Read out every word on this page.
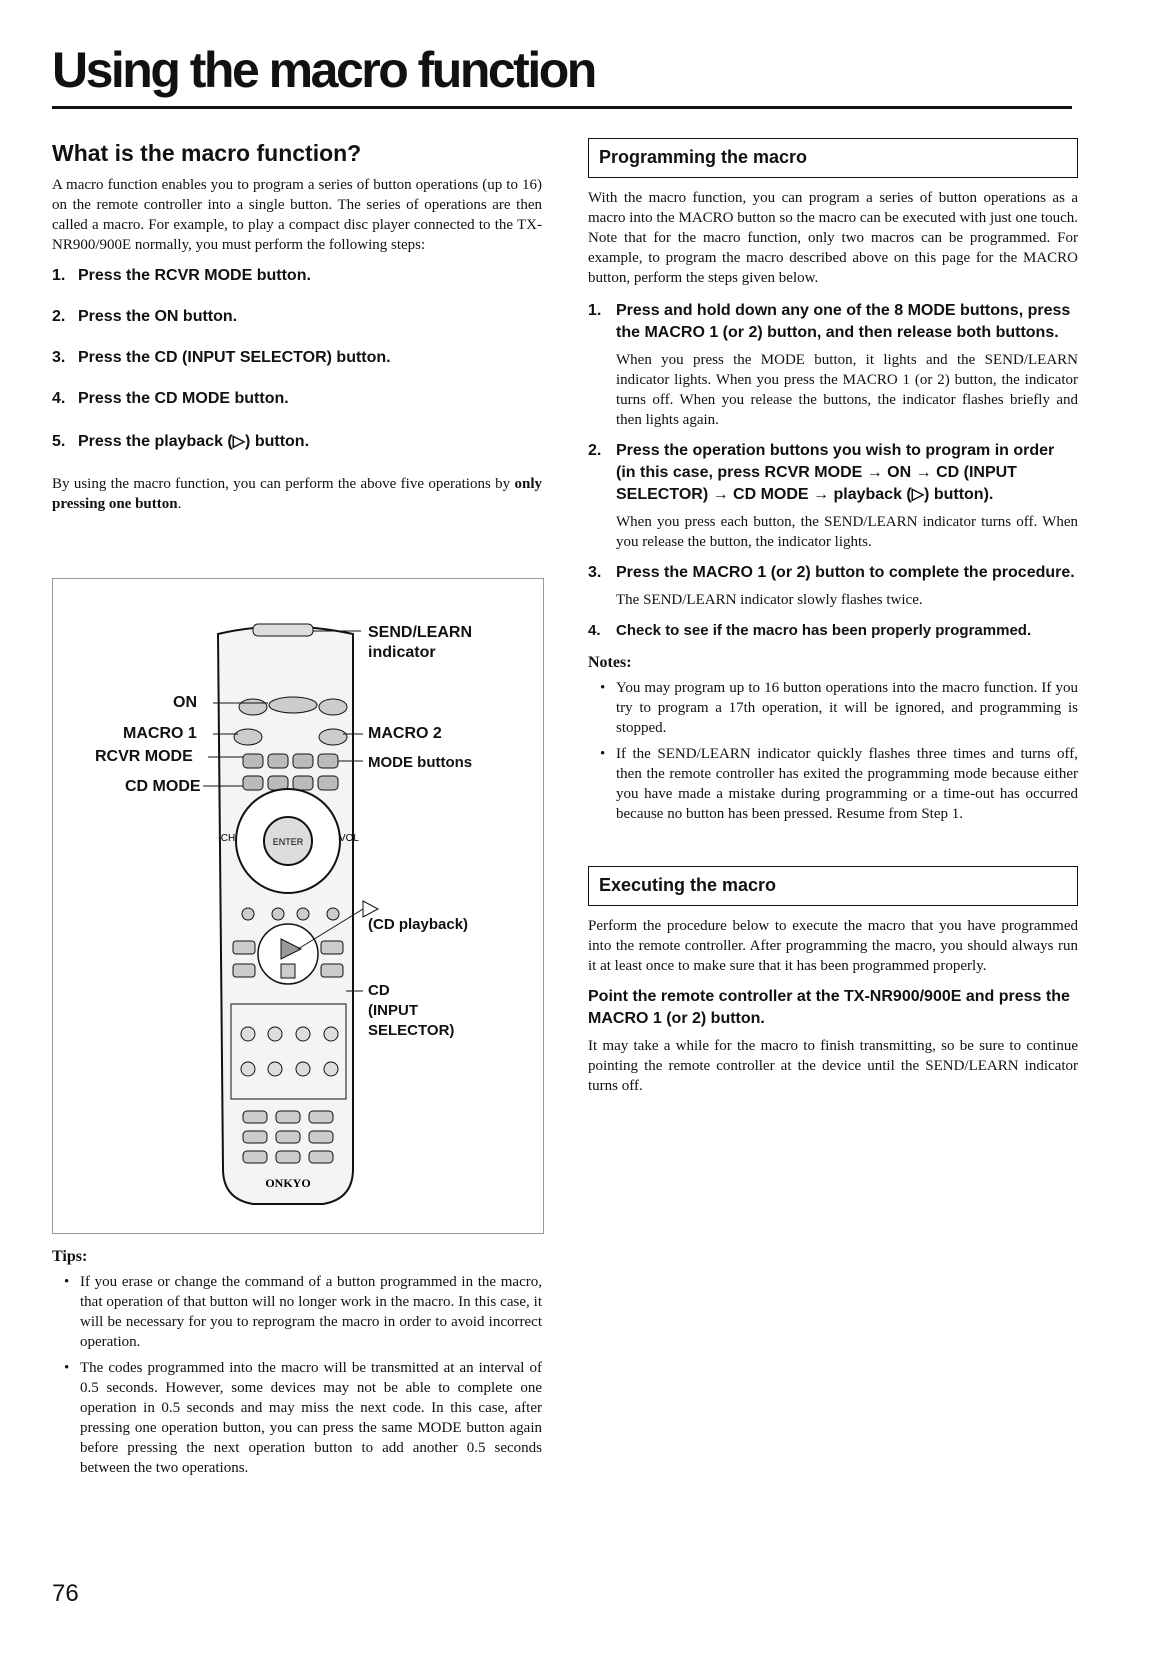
Using the macro function
What is the macro function?

A macro function enables you to program a series of button operations (up to 16) on the remote controller into a single button. The series of operations are then called a macro. For example, to play a compact disc player connected to the TX-NR900/900E normally, you must perform the following steps:

1. Press the RCVR MODE button.
2. Press the ON button.
3. Press the CD (INPUT SELECTOR) button.
4. Press the CD MODE button.
5. Press the playback (▷) button.

By using the macro function, you can perform the above five operations by only pressing one button.

ENTER
CH	VOL
ONKYO
SEND/LEARN
indicator
ON
MACRO 1
RCVR MODE
CD MODE
MACRO 2
MODE buttons
(CD playback)
CD
(INPUT
SELECTOR)
Tips:
• If you erase or change the command of a button programmed in the macro, that operation of that button will no longer work in the macro. In this case, it will be necessary for you to reprogram the macro in order to avoid incorrect operation.
• The codes programmed into the macro will be transmitted at an interval of 0.5 seconds. However, some devices may not be able to complete one operation in 0.5 seconds and may miss the next code. In this case, after pressing one operation button, you can press the same MODE button again before pressing the next operation button to add another 0.5 seconds between the two operations.
Programming the macro

With the macro function, you can program a series of button operations as a macro into the MACRO button so the macro can be executed with just one touch. Note that for the macro function, only two macros can be programmed. For example, to program the macro described above on this page for the MACRO button, perform the steps given below.

1. Press and hold down any one of the 8 MODE buttons, press the MACRO 1 (or 2) button, and then release both buttons.
When you press the MODE button, it lights and the SEND/LEARN indicator lights. When you press the MACRO 1 (or 2) button, the indicator turns off. When you release the buttons, the indicator flashes briefly and then lights again.
2. Press the operation buttons you wish to program in order (in this case, press RCVR MODE → ON → CD (INPUT SELECTOR) → CD MODE → playback (▷) button).
When you press each button, the SEND/LEARN indicator turns off. When you release the button, the indicator lights.
3. Press the MACRO 1 (or 2) button to complete the procedure.
The SEND/LEARN indicator slowly flashes twice.
4.	Check to see if the macro has been properly programmed.
Notes:
• You may program up to 16 button operations into the macro function. If you try to program a 17th operation, it will be ignored, and programming is stopped.
• If the SEND/LEARN indicator quickly flashes three times and turns off, then the remote controller has exited the programming mode because either you have made a mistake during programming or a time-out has occurred because no button has been pressed. Resume from Step 1.
Executing the macro

Perform the procedure below to execute the macro that you have programmed into the remote controller. After programming the macro, you should always run it at least once to make sure that it has been programmed properly.

Point the remote controller at the TX-NR900/900E and press the MACRO 1 (or 2) button.

It may take a while for the macro to finish transmitting, so be sure to continue pointing the remote controller at the device until the SEND/LEARN indicator turns off.

76
